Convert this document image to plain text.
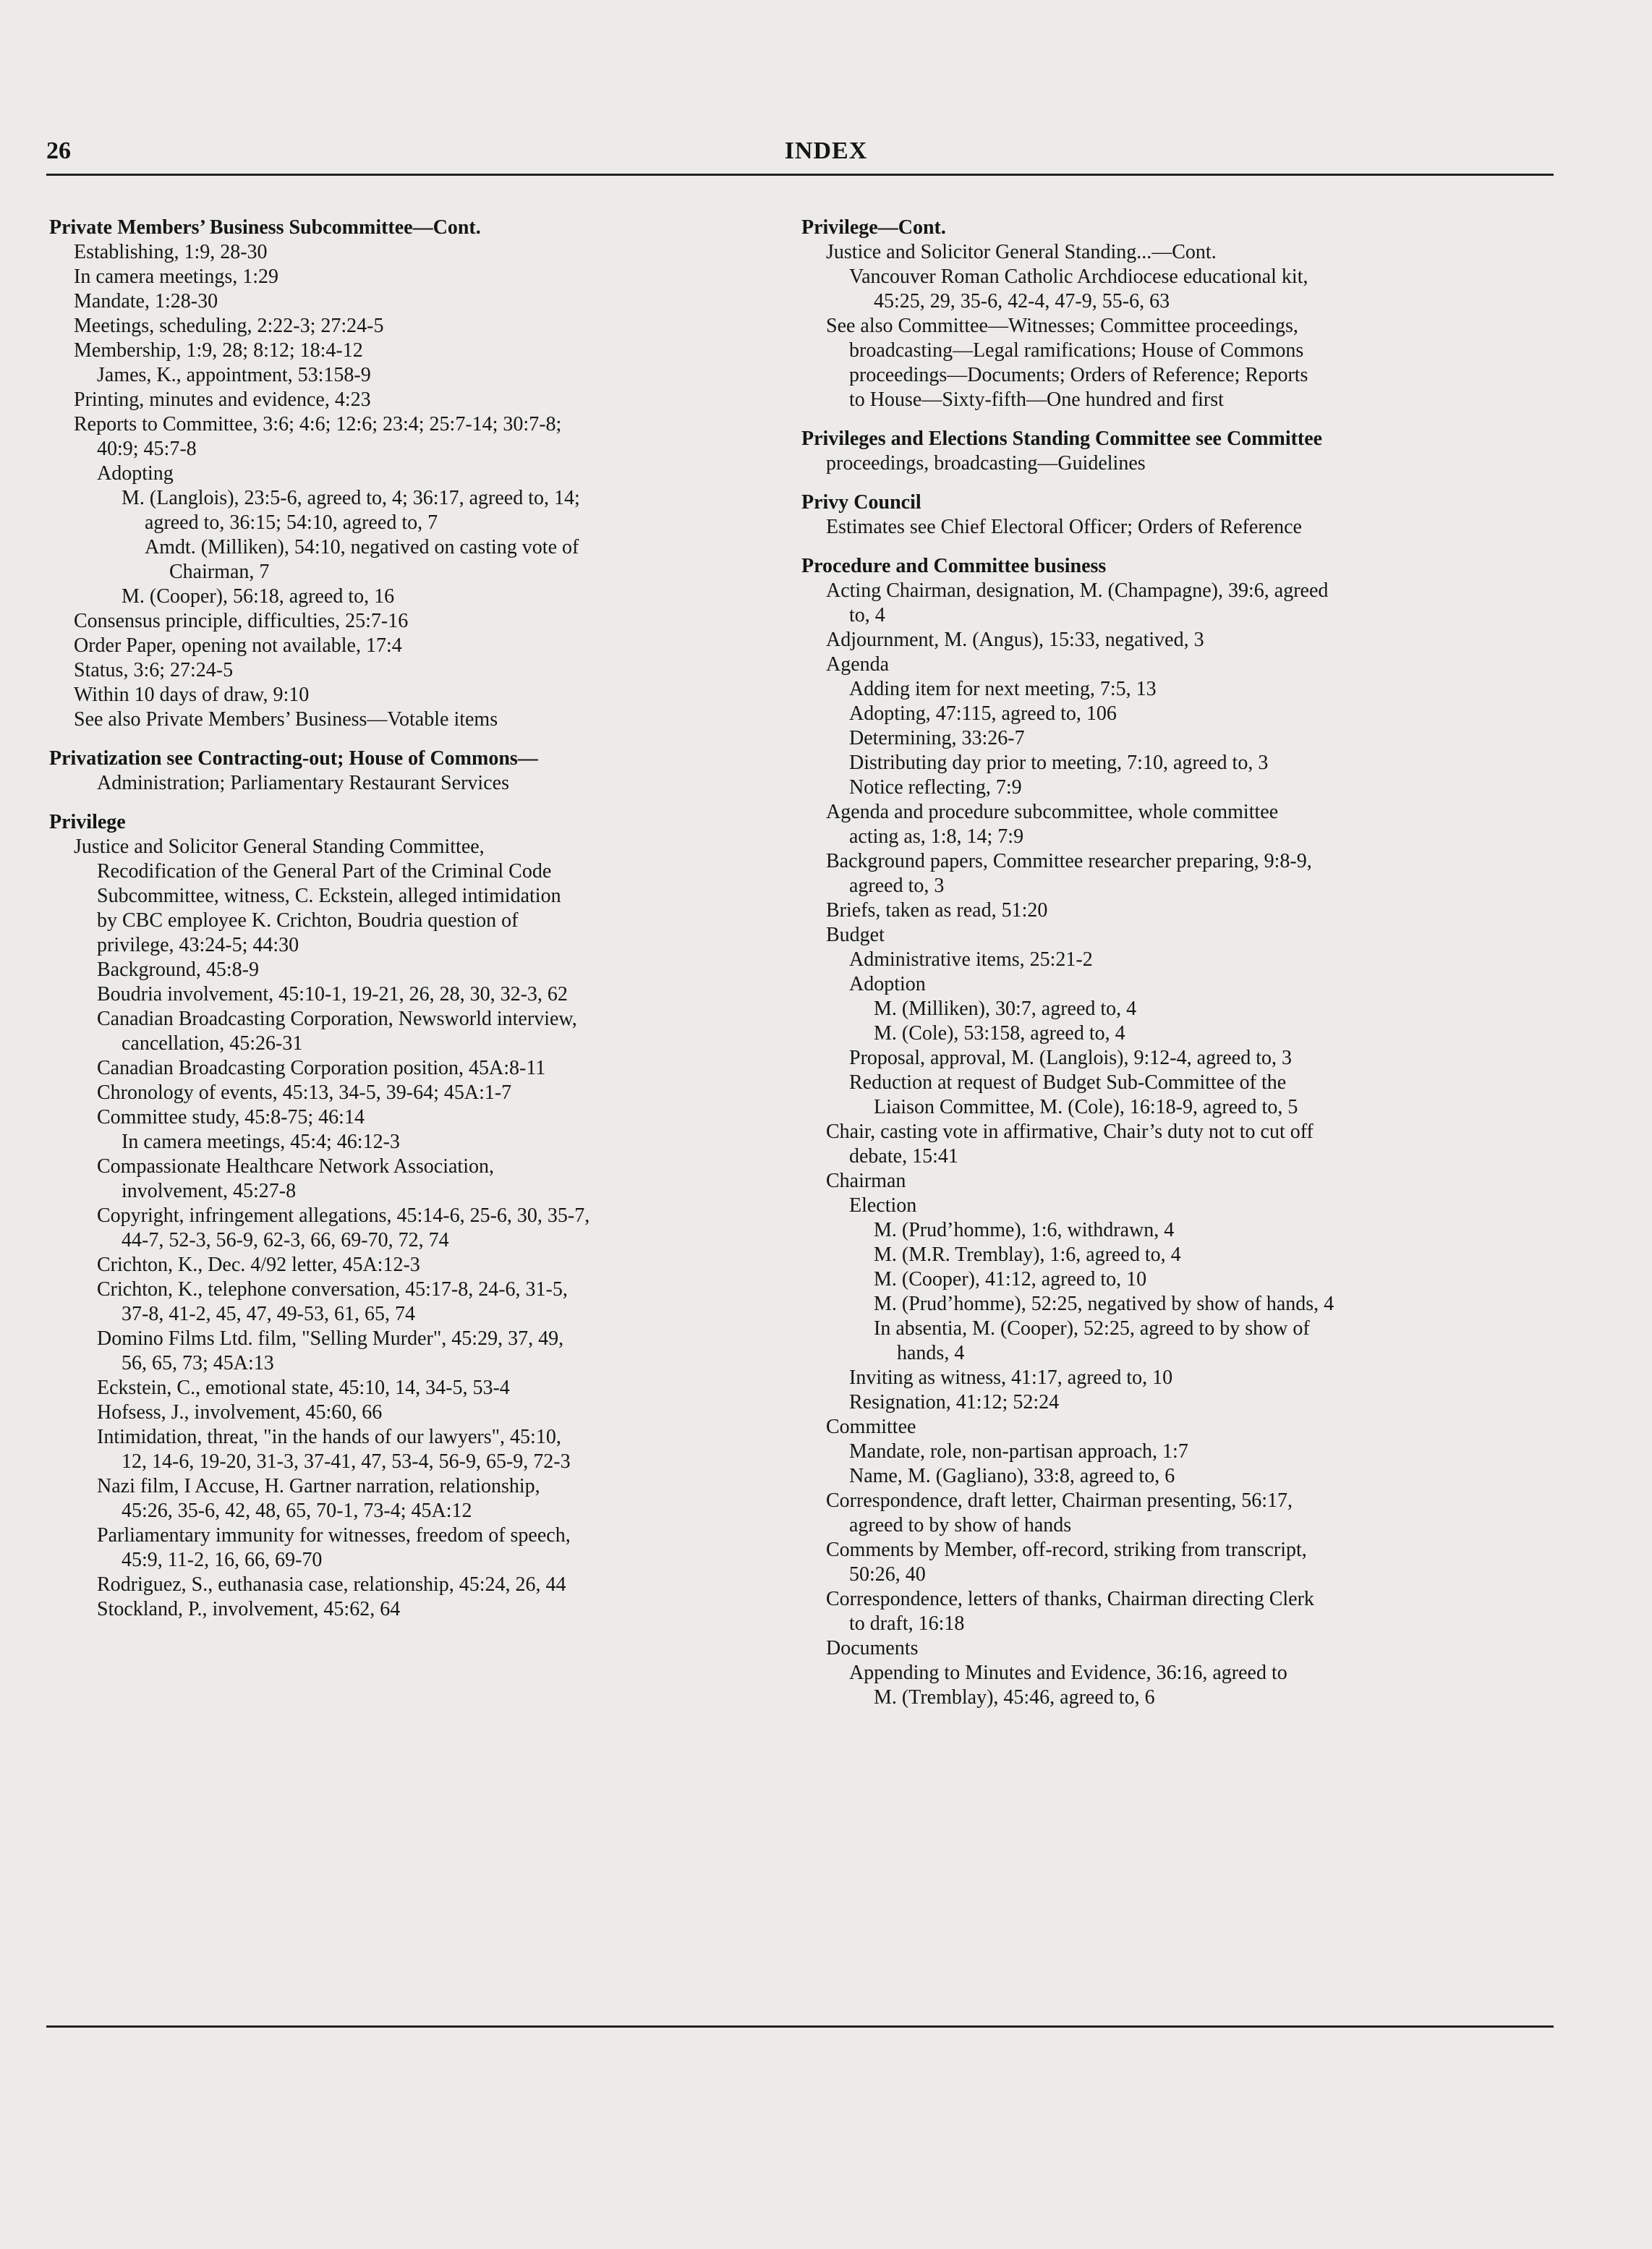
26	INDEX
Private Members’ Business Subcommittee—Cont.
Establishing, 1:9, 28-30
In camera meetings, 1:29
Mandate, 1:28-30
Meetings, scheduling, 2:22-3; 27:24-5
Membership, 1:9, 28; 8:12; 18:4-12
James, K., appointment, 53:158-9
Printing, minutes and evidence, 4:23
Reports to Committee, 3:6; 4:6; 12:6; 23:4; 25:7-14; 30:7-8;
40:9; 45:7-8
Adopting
M. (Langlois), 23:5-6, agreed to, 4; 36:17, agreed to, 14;
agreed to, 36:15; 54:10, agreed to, 7
Amdt. (Milliken), 54:10, negatived on casting vote of
Chairman, 7
M. (Cooper), 56:18, agreed to, 16
Consensus principle, difficulties, 25:7-16
Order Paper, opening not available, 17:4
Status, 3:6; 27:24-5
Within 10 days of draw, 9:10
See also Private Members’ Business—Votable items
Privatization see Contracting-out; House of Commons—
Administration; Parliamentary Restaurant Services
Privilege
Justice and Solicitor General Standing Committee,
Recodification of the General Part of the Criminal Code
Subcommittee, witness, C. Eckstein, alleged intimidation
by CBC employee K. Crichton, Boudria question of
privilege, 43:24-5; 44:30
Background, 45:8-9
Boudria involvement, 45:10-1, 19-21, 26, 28, 30, 32-3, 62
Canadian Broadcasting Corporation, Newsworld interview,
cancellation, 45:26-31
Canadian Broadcasting Corporation position, 45A:8-11
Chronology of events, 45:13, 34-5, 39-64; 45A:1-7
Committee study, 45:8-75; 46:14
In camera meetings, 45:4; 46:12-3
Compassionate Healthcare Network Association,
involvement, 45:27-8
Copyright, infringement allegations, 45:14-6, 25-6, 30, 35-7,
44-7, 52-3, 56-9, 62-3, 66, 69-70, 72, 74
Crichton, K., Dec. 4/92 letter, 45A:12-3
Crichton, K., telephone conversation, 45:17-8, 24-6, 31-5,
37-8, 41-2, 45, 47, 49-53, 61, 65, 74
Domino Films Ltd. film, "Selling Murder", 45:29, 37, 49,
56, 65, 73; 45A:13
Eckstein, C., emotional state, 45:10, 14, 34-5, 53-4
Hofsess, J., involvement, 45:60, 66
Intimidation, threat, "in the hands of our lawyers", 45:10,
12, 14-6, 19-20, 31-3, 37-41, 47, 53-4, 56-9, 65-9, 72-3
Nazi film, I Accuse, H. Gartner narration, relationship,
45:26, 35-6, 42, 48, 65, 70-1, 73-4; 45A:12
Parliamentary immunity for witnesses, freedom of speech,
45:9, 11-2, 16, 66, 69-70
Rodriguez, S., euthanasia case, relationship, 45:24, 26, 44
Stockland, P., involvement, 45:62, 64
Privilege—Cont.
Justice and Solicitor General Standing...—Cont.
Vancouver Roman Catholic Archdiocese educational kit,
45:25, 29, 35-6, 42-4, 47-9, 55-6, 63
See also Committee—Witnesses; Committee proceedings,
broadcasting—Legal ramifications; House of Commons
proceedings—Documents; Orders of Reference; Reports
to House—Sixty-fifth—One hundred and first
Privileges and Elections Standing Committee see Committee
proceedings, broadcasting—Guidelines
Privy Council
Estimates see Chief Electoral Officer; Orders of Reference
Procedure and Committee business
Acting Chairman, designation, M. (Champagne), 39:6, agreed
to, 4
Adjournment, M. (Angus), 15:33, negatived, 3
Agenda
Adding item for next meeting, 7:5, 13
Adopting, 47:115, agreed to, 106
Determining, 33:26-7
Distributing day prior to meeting, 7:10, agreed to, 3
Notice reflecting, 7:9
Agenda and procedure subcommittee, whole committee
acting as, 1:8, 14; 7:9
Background papers, Committee researcher preparing, 9:8-9,
agreed to, 3
Briefs, taken as read, 51:20
Budget
Administrative items, 25:21-2
Adoption
M. (Milliken), 30:7, agreed to, 4
M. (Cole), 53:158, agreed to, 4
Proposal, approval, M. (Langlois), 9:12-4, agreed to, 3
Reduction at request of Budget Sub-Committee of the
Liaison Committee, M. (Cole), 16:18-9, agreed to, 5
Chair, casting vote in affirmative, Chair’s duty not to cut off
debate, 15:41
Chairman
Election
M. (Prud’homme), 1:6, withdrawn, 4
M. (M.R. Tremblay), 1:6, agreed to, 4
M. (Cooper), 41:12, agreed to, 10
M. (Prud’homme), 52:25, negatived by show of hands, 4
In absentia, M. (Cooper), 52:25, agreed to by show of
hands, 4
Inviting as witness, 41:17, agreed to, 10
Resignation, 41:12; 52:24
Committee
Mandate, role, non-partisan approach, 1:7
Name, M. (Gagliano), 33:8, agreed to, 6
Correspondence, draft letter, Chairman presenting, 56:17,
agreed to by show of hands
Comments by Member, off-record, striking from transcript,
50:26, 40
Correspondence, letters of thanks, Chairman directing Clerk
to draft, 16:18
Documents
Appending to Minutes and Evidence, 36:16, agreed to
M. (Tremblay), 45:46, agreed to, 6
